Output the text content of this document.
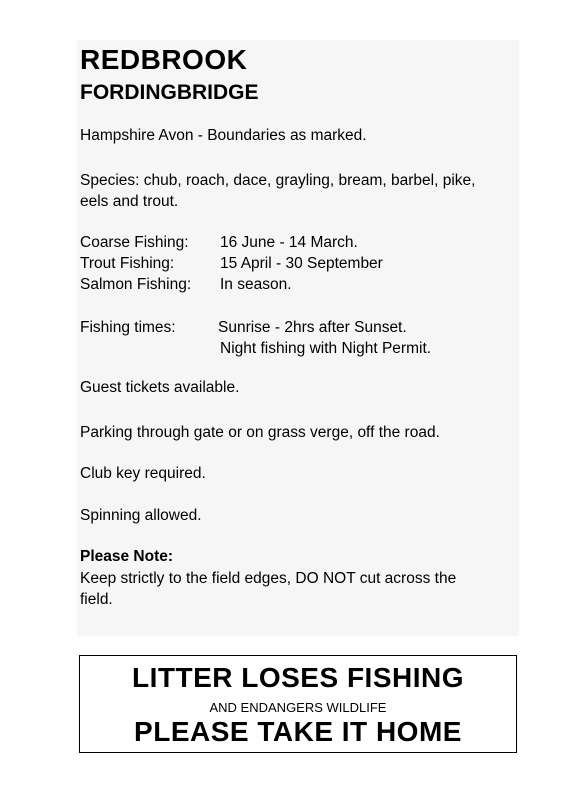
REDBROOK
FORDINGBRIDGE
Hampshire Avon - Boundaries as marked.
Species: chub, roach, dace, grayling, bream, barbel, pike,
eels and trout.
Coarse Fishing: 16 June - 14 March.
Trout Fishing:	15 April - 30 September
Salmon Fishing: In season.
Fishing times:	Sunrise - 2hrs after Sunset.
Night fishing with Night Permit.
Guest tickets available.
Parking through gate or on grass verge, off the road.
Club key required.
Spinning allowed.
Please Note:
Keep strictly to the field edges, DO NOT cut across the
field.
LITTER LOSES FISHING
AND ENDANGERS WILDLIFE
PLEASE TAKE IT HOME
